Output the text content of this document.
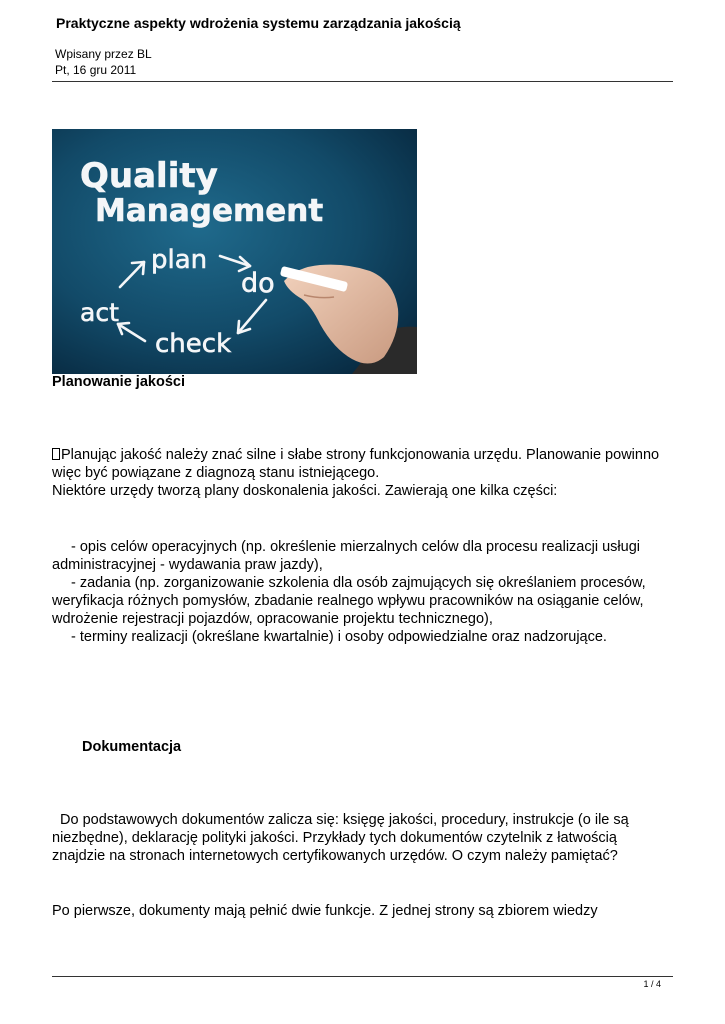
Praktyczne aspekty wdrożenia systemu zarządzania jakością
Wpisany przez BL
Pt, 16 gru 2011
Quality
Management
plan
do
check
act
Planowanie jakości
Planując jakość należy znać silne i słabe strony funkcjonowania urzędu. Planowanie powinno
więc być powiązane z diagnozą stanu istniejącego.
Niektóre urzędy tworzą plany doskonalenia jakości. Zawierają one kilka części:
- opis celów operacyjnych (np. określenie mierzalnych celów dla procesu realizacji usługi
administracyjnej - wydawania praw jazdy),
- zadania (np. zorganizowanie szkolenia dla osób zajmujących się określaniem procesów,
weryfikacja różnych pomysłów, zbadanie realnego wpływu pracowników na osiąganie celów,
wdrożenie rejestracji pojazdów, opracowanie projektu technicznego),
- terminy realizacji (określane kwartalnie) i osoby odpowiedzialne oraz nadzorujące.
Dokumentacja
Do podstawowych dokumentów zalicza się: księgę jakości, procedury, instrukcje (o ile są
niezbędne), deklarację polityki jakości. Przykłady tych dokumentów czytelnik z łatwością
znajdzie na stronach internetowych certyfikowanych urzędów. O czym należy pamiętać?
Po pierwsze, dokumenty mają pełnić dwie funkcje. Z jednej strony są zbiorem wiedzy
1 / 4
